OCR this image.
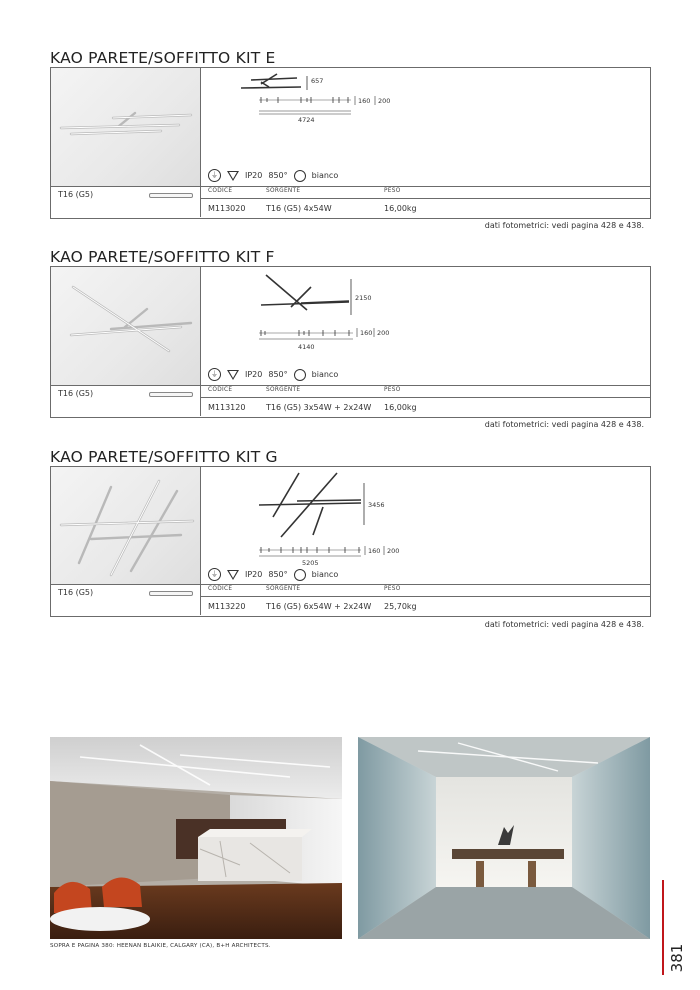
KAO PARETE/SOFFITTO KIT E
657
160 200
4724
⏚	IP20 850°	bianco
T16 (G5)	CODICE	SORGENTE	PESO
M113020	T16 (G5) 4x54W	16,00kg
dati fotometrici: vedi pagina 428 e 438.
KAO PARETE/SOFFITTO KIT F
2150
160 200
4140
⏚	IP20 850°	bianco
T16 (G5)	CODICE	SORGENTE	PESO
M113120	T16 (G5) 3x54W + 2x24W 16,00kg
dati fotometrici: vedi pagina 428 e 438.
KAO PARETE/SOFFITTO KIT G
3456
160 200
5205
⏚	IP20 850°	bianco
T16 (G5)	CODICE	SORGENTE	PESO
M113220	T16 (G5) 6x54W + 2x24W 25,70kg
dati fotometrici: vedi pagina 428 e 438.
SOPRA E PAGINA 380: HEENAN BLAIKIE, CALGARY (CA), B+H ARCHITECTS.	381
